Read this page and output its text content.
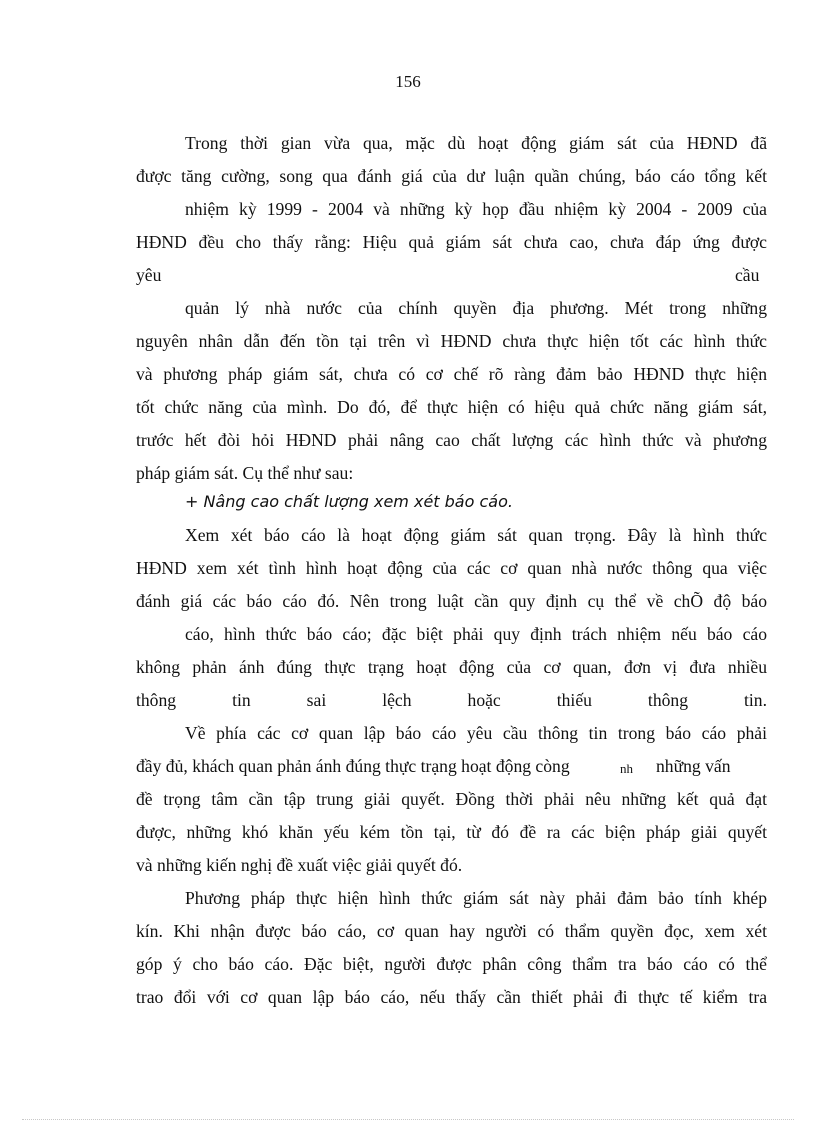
156
Trong thời gian vừa qua, mặc dù hoạt động giám sát của HĐND đã
được tăng cường, song qua đánh giá của dư luận quần chúng, báo cáo tổng kết
nhiệm kỳ 1999 - 2004 và những kỳ họp đầu nhiệm kỳ 2004 - 2009 của
HĐND đều cho thấy rằng: Hiệu quả giám sát chưa cao, chưa đáp ứng được
yêu	cầu
quản lý nhà nước của chính quyền địa phương. Mét trong những
nguyên nhân dẫn đến tồn tại trên vì HĐND chưa thực hiện tốt các hình thức
và phương pháp giám sát, chưa có cơ chế rõ ràng đảm bảo HĐND thực hiện
tốt chức năng của mình. Do đó, để thực hiện có hiệu quả chức năng giám sát,
trước hết đòi hỏi HĐND phải nâng cao chất lượng các hình thức và phương
pháp giám sát. Cụ thể như sau:
+ Nâng cao chất lượng xem xét báo cáo.
Xem xét báo cáo là hoạt động giám sát quan trọng. Đây là hình thức
HĐND xem xét tình hình hoạt động của các cơ quan nhà nước thông qua việc
đánh giá các báo cáo đó. Nên trong luật cần quy định cụ thể về chÕ độ báo
cáo, hình thức báo cáo; đặc biệt phải quy định trách nhiệm nếu báo cáo
không phản ánh đúng thực trạng hoạt động của cơ quan, đơn vị đưa nhiều
thông tin sai lệch hoặc thiếu thông tin.
Về phía các cơ quan lập báo cáo yêu cầu thông tin trong báo cáo phải
đầy đủ, khách quan phản ánh đúng thực trạng hoạt động còng	nh	những vấn
đề trọng tâm cần tập trung giải quyết. Đồng thời phải nêu những kết quả đạt
được, những khó khăn yếu kém tồn tại, từ đó đề ra các biện pháp giải quyết
và những kiến nghị đề xuất việc giải quyết đó.
Phương pháp thực hiện hình thức giám sát này phải đảm bảo tính khép
kín. Khi nhận được báo cáo, cơ quan hay người có thẩm quyền đọc, xem xét
góp ý cho báo cáo. Đặc biệt, người được phân công thẩm tra báo cáo có thể
trao đổi với cơ quan lập báo cáo, nếu thấy cần thiết phải đi thực tế kiểm tra
